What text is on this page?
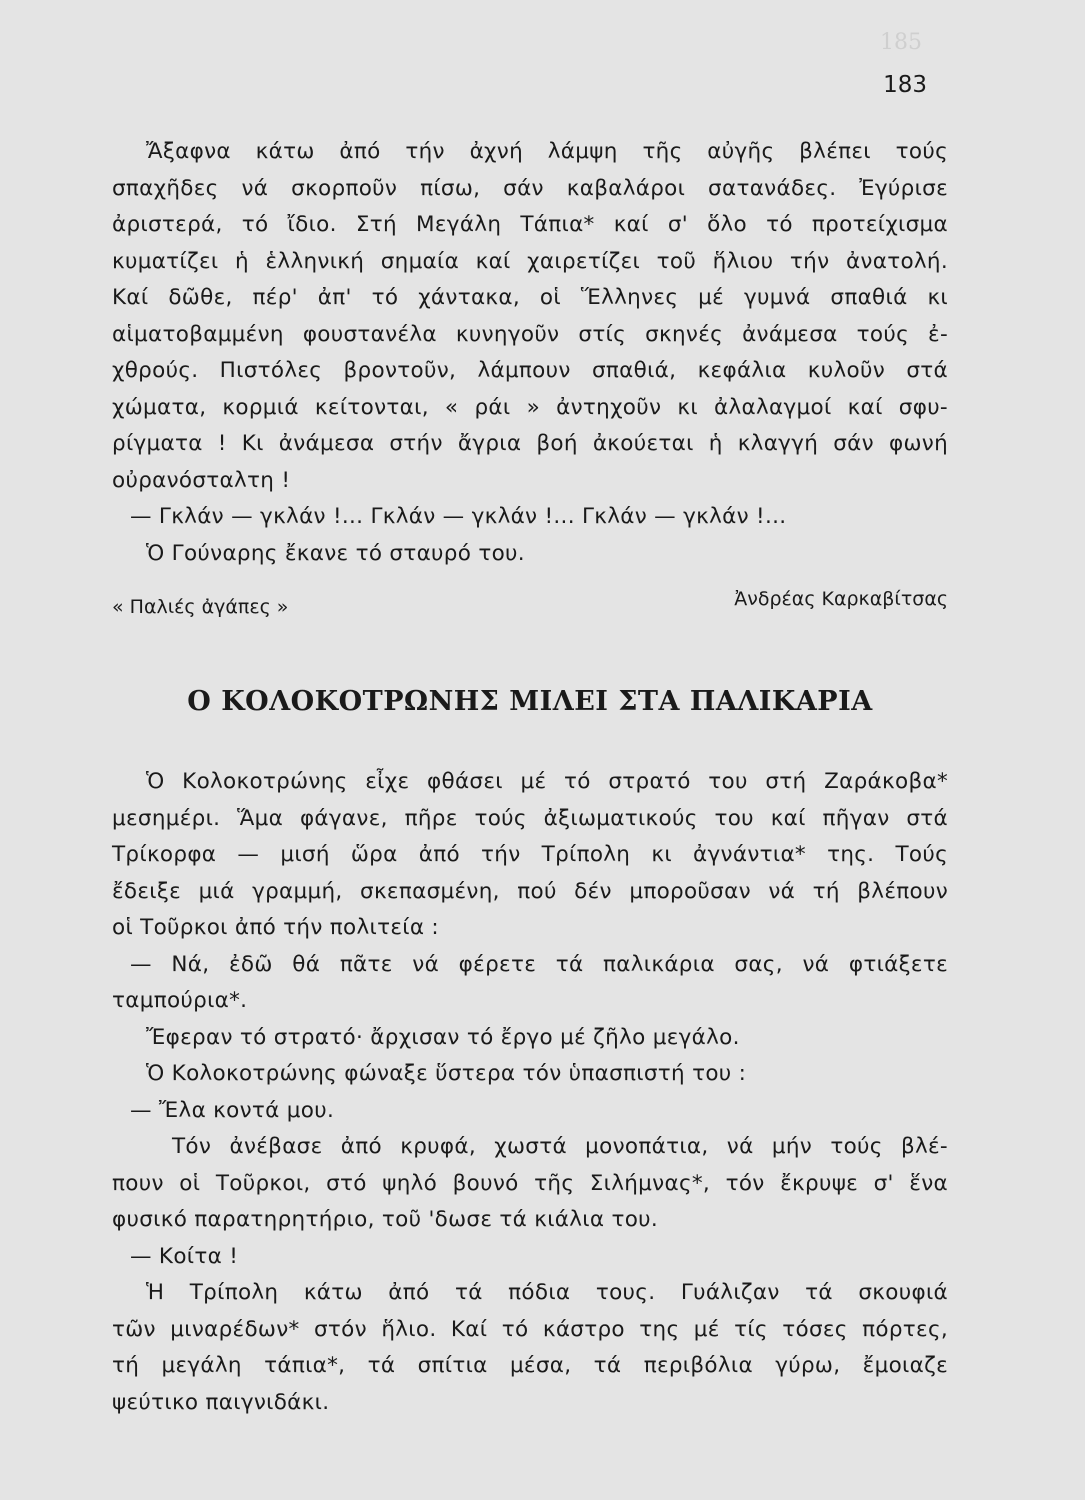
185
183
Ἄξαφνα κάτω ἀπό τήν ἀχνή λάμψη τῆς αὐγῆς βλέπει τούς
σπαχῆδες νά σκορποῦν πίσω, σάν καβαλάροι σατανάδες. Ἐγύρισε
ἀριστερά, τό ἴδιο. Στή Μεγάλη Τάπια* καί σ' ὅλο τό προτείχισμα
κυματίζει ἡ ἑλληνική σημαία καί χαιρετίζει τοῦ ἥλιου τήν ἀνατολή.
Καί δῶθε, πέρ' ἀπ' τό χάντακα, οἱ Ἕλληνες μέ γυμνά σπαθιά κι
αἱματοβαμμένη φουστανέλα κυνηγοῦν στίς σκηνές ἀνάμεσα τούς ἐ-
χθρούς. Πιστόλες βροντοῦν, λάμπουν σπαθιά, κεφάλια κυλοῦν στά
χώματα, κορμιά κείτονται, « ράι » ἀντηχοῦν κι ἀλαλαγμοί καί σφυ-
ρίγματα ! Κι ἀνάμεσα στήν ἄγρια βοή ἀκούεται ἡ κλαγγή σάν φωνή
οὐρανόσταλτη !
— Γκλάν — γκλάν !... Γκλάν — γκλάν !... Γκλάν — γκλάν !...
Ὁ Γούναρης ἔκανε τό σταυρό του.
« Παλιές ἀγάπες »	Ἀνδρέας Καρκαβίτσας
Ο ΚΟΛΟΚΟΤΡΩΝΗΣ ΜΙΛΕΙ ΣΤΑ ΠΑΛΙΚΑΡΙΑ
Ὁ Κολοκοτρώνης εἶχε φθάσει μέ τό στρατό του στή Ζαράκοβα*
μεσημέρι. Ἅμα φάγανε, πῆρε τούς ἀξιωματικούς του καί πῆγαν στά
Τρίκορφα — μισή ὥρα ἀπό τήν Τρίπολη κι ἀγνάντια* της. Τούς
ἔδειξε μιά γραμμή, σκεπασμένη, πού δέν μποροῦσαν νά τή βλέπουν
οἱ Τοῦρκοι ἀπό τήν πολιτεία :
— Νά, ἐδῶ θά πᾶτε νά φέρετε τά παλικάρια σας, νά φτιάξετε
ταμπούρια*.
Ἔφεραν τό στρατό· ἄρχισαν τό ἔργο μέ ζῆλο μεγάλο.
Ὁ Κολοκοτρώνης φώναξε ὕστερα τόν ὑπασπιστή του :
— Ἔλα κοντά μου.
Τόν ἀνέβασε ἀπό κρυφά, χωστά μονοπάτια, νά μήν τούς βλέ-
πουν οἱ Τοῦρκοι, στό ψηλό βουνό τῆς Σιλήμνας*, τόν ἔκρυψε σ' ἕνα
φυσικό παρατηρητήριο, τοῦ 'δωσε τά κιάλια του.
— Κοίτα !
Ἡ Τρίπολη κάτω ἀπό τά πόδια τους. Γυάλιζαν τά σκουφιά
τῶν μιναρέδων* στόν ἥλιο. Καί τό κάστρο της μέ τίς τόσες πόρτες,
τή μεγάλη τάπια*, τά σπίτια μέσα, τά περιβόλια γύρω, ἔμοιαζε
ψεύτικο παιγνιδάκι.
